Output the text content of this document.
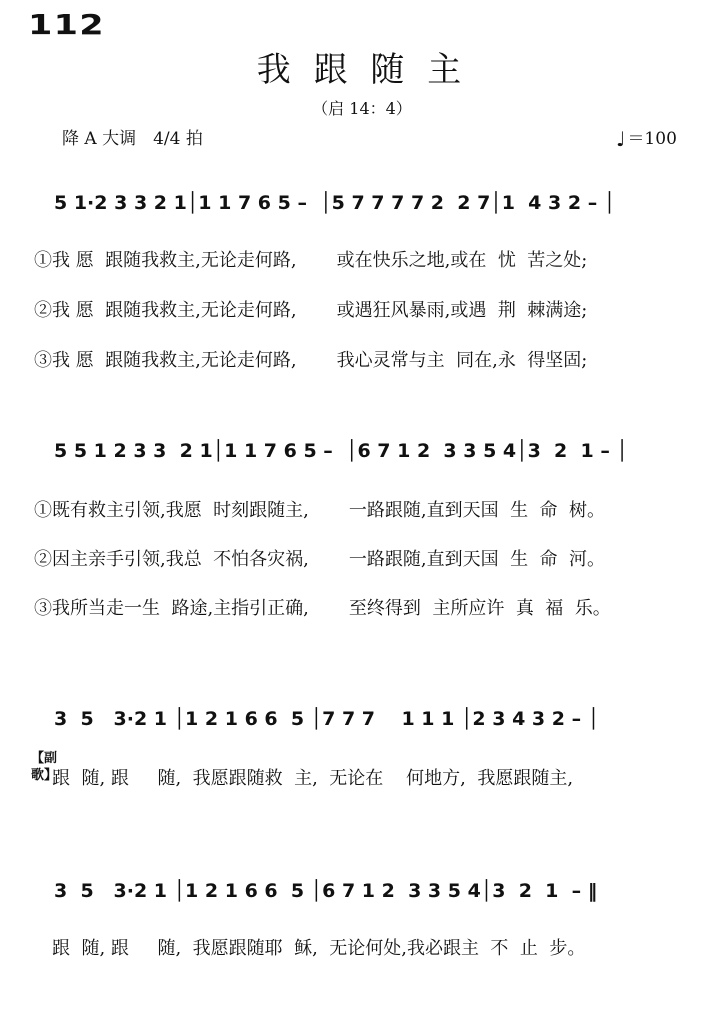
112
我 跟 随 主
（启 14：4）
降 A 大调　4/4 拍	♩ ＝100
5 1·2 3 3 2 1│1 1 7 6 5 –  │5 7 7 7 7 2  2 7│1  4 3 2 – │
①我 愿  跟随我救主,无论走何路,       或在快乐之地,或在  忧  苦之处;
②我 愿  跟随我救主,无论走何路,       或遇狂风暴雨,或遇  荆  棘满途;
③我 愿  跟随我救主,无论走何路,       我心灵常与主  同在,永  得坚固;
5 5 1 2 3 3  2 1│1 1 7 6 5 –  │6 7 1 2  3 3 5 4│3  2  1 – │
①既有救主引领,我愿  时刻跟随主,       一路跟随,直到天国  生  命  树。
②因主亲手引领,我总  不怕各灾祸,       一路跟随,直到天国  生  命  河。
③我所当走一生  路途,主指引正确,       至终得到  主所应许  真  福  乐。
3  5   3·2 1 │1 2 1 6 6  5 │7 7 7    1 1 1 │2 3 4 3 2 – │
【副歌】
跟  随, 跟     随,  我愿跟随救  主,  无论在    何地方,  我愿跟随主,
3  5   3·2 1 │1 2 1 6 6  5 │6 7 1 2  3 3 5 4│3  2  1  – ‖
跟  随, 跟     随,  我愿跟随耶  稣,  无论何处,我必跟主  不  止  步。
